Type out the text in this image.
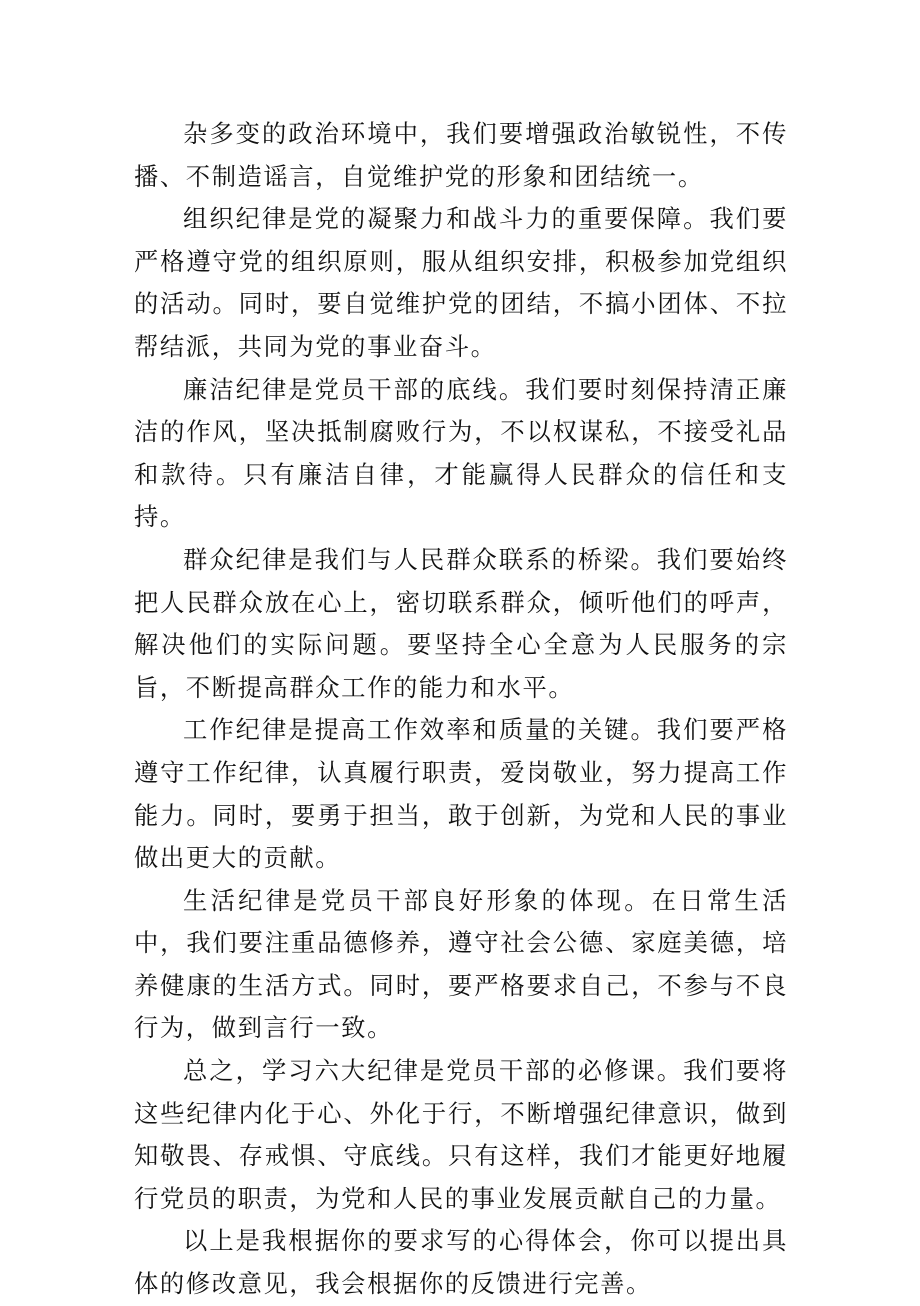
杂多变的政治环境中，我们要增强政治敏锐性，不传播、不制造谣言，自觉维护党的形象和团结统一。

组织纪律是党的凝聚力和战斗力的重要保障。我们要严格遵守党的组织原则，服从组织安排，积极参加党组织的活动。同时，要自觉维护党的团结，不搞小团体、不拉帮结派，共同为党的事业奋斗。

廉洁纪律是党员干部的底线。我们要时刻保持清正廉洁的作风，坚决抵制腐败行为，不以权谋私，不接受礼品和款待。只有廉洁自律，才能赢得人民群众的信任和支持。

群众纪律是我们与人民群众联系的桥梁。我们要始终把人民群众放在心上，密切联系群众，倾听他们的呼声，解决他们的实际问题。要坚持全心全意为人民服务的宗旨，不断提高群众工作的能力和水平。

工作纪律是提高工作效率和质量的关键。我们要严格遵守工作纪律，认真履行职责，爱岗敬业，努力提高工作能力。同时，要勇于担当，敢于创新，为党和人民的事业做出更大的贡献。

生活纪律是党员干部良好形象的体现。在日常生活中，我们要注重品德修养，遵守社会公德、家庭美德，培养健康的生活方式。同时，要严格要求自己，不参与不良行为，做到言行一致。

总之，学习六大纪律是党员干部的必修课。我们要将这些纪律内化于心、外化于行，不断增强纪律意识，做到知敬畏、存戒惧、守底线。只有这样，我们才能更好地履行党员的职责，为党和人民的事业发展贡献自己的力量。

以上是我根据你的要求写的心得体会，你可以提出具体的修改意见，我会根据你的反馈进行完善。
